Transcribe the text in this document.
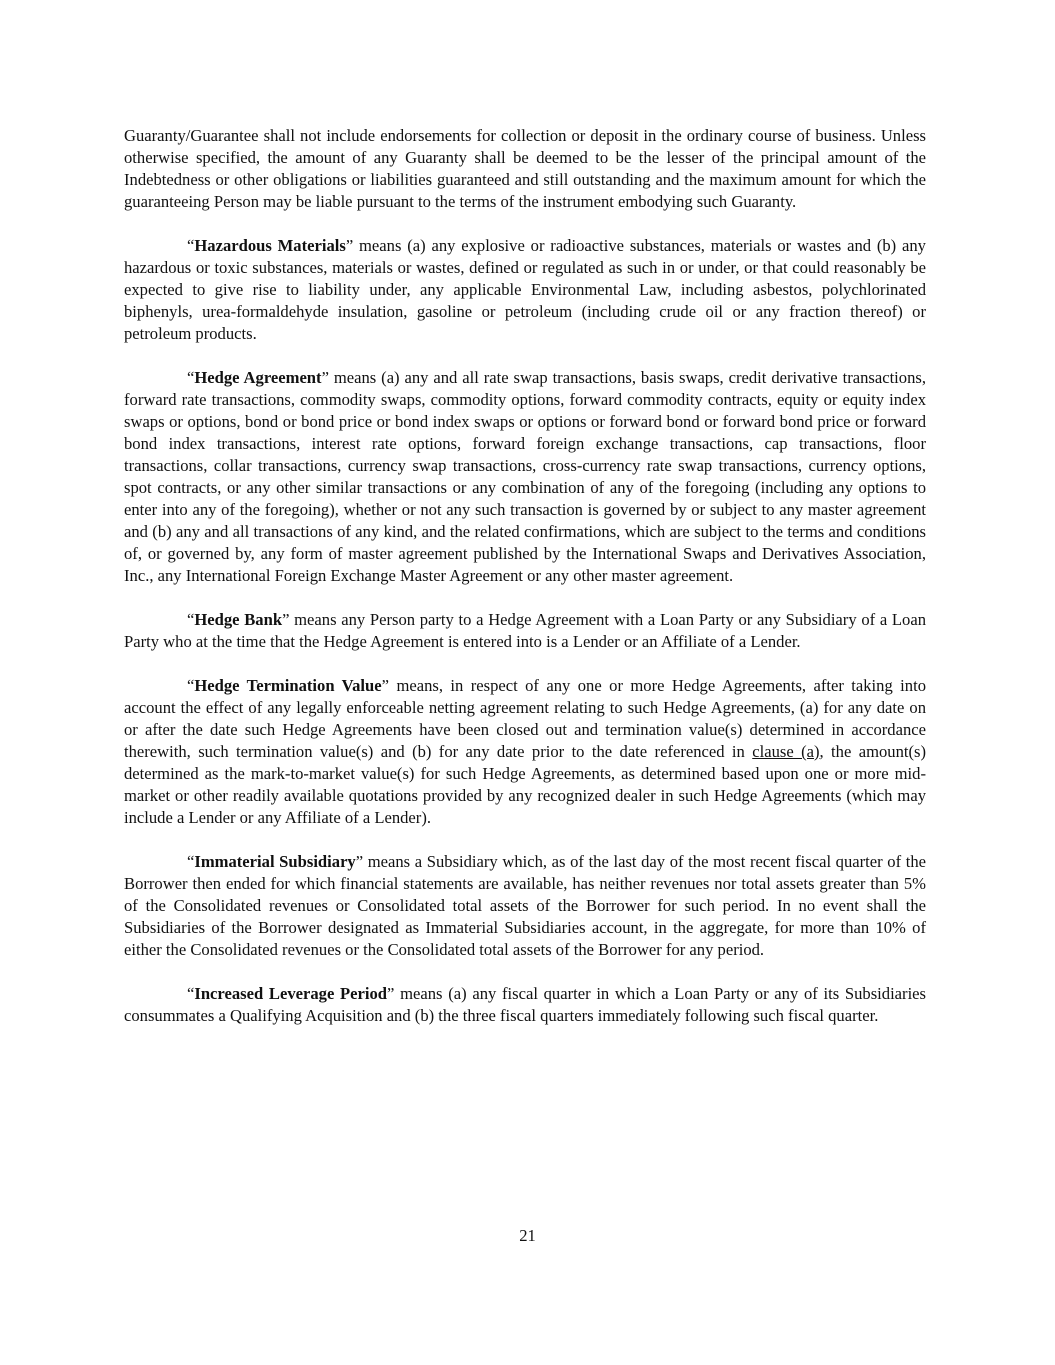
Guaranty/Guarantee shall not include endorsements for collection or deposit in the ordinary course of business. Unless otherwise specified, the amount of any Guaranty shall be deemed to be the lesser of the principal amount of the Indebtedness or other obligations or liabilities guaranteed and still outstanding and the maximum amount for which the guaranteeing Person may be liable pursuant to the terms of the instrument embodying such Guaranty.

“Hazardous Materials” means (a) any explosive or radioactive substances, materials or wastes and (b) any hazardous or toxic substances, materials or wastes, defined or regulated as such in or under, or that could reasonably be expected to give rise to liability under, any applicable Environmental Law, including asbestos, polychlorinated biphenyls, urea-formaldehyde insulation, gasoline or petroleum (including crude oil or any fraction thereof) or petroleum products.

“Hedge Agreement” means (a) any and all rate swap transactions, basis swaps, credit derivative transactions, forward rate transactions, commodity swaps, commodity options, forward commodity contracts, equity or equity index swaps or options, bond or bond price or bond index swaps or options or forward bond or forward bond price or forward bond index transactions, interest rate options, forward foreign exchange transactions, cap transactions, floor transactions, collar transactions, currency swap transactions, cross-currency rate swap transactions, currency options, spot contracts, or any other similar transactions or any combination of any of the foregoing (including any options to enter into any of the foregoing), whether or not any such transaction is governed by or subject to any master agreement and (b) any and all transactions of any kind, and the related confirmations, which are subject to the terms and conditions of, or governed by, any form of master agreement published by the International Swaps and Derivatives Association, Inc., any International Foreign Exchange Master Agreement or any other master agreement.

“Hedge Bank” means any Person party to a Hedge Agreement with a Loan Party or any Subsidiary of a Loan Party who at the time that the Hedge Agreement is entered into is a Lender or an Affiliate of a Lender.

“Hedge Termination Value” means, in respect of any one or more Hedge Agreements, after taking into account the effect of any legally enforceable netting agreement relating to such Hedge Agreements, (a) for any date on or after the date such Hedge Agreements have been closed out and termination value(s) determined in accordance therewith, such termination value(s) and (b) for any date prior to the date referenced in clause (a), the amount(s) determined as the mark-to-market value(s) for such Hedge Agreements, as determined based upon one or more mid-market or other readily available quotations provided by any recognized dealer in such Hedge Agreements (which may include a Lender or any Affiliate of a Lender).

“Immaterial Subsidiary” means a Subsidiary which, as of the last day of the most recent fiscal quarter of the Borrower then ended for which financial statements are available, has neither revenues nor total assets greater than 5% of the Consolidated revenues or Consolidated total assets of the Borrower for such period. In no event shall the Subsidiaries of the Borrower designated as Immaterial Subsidiaries account, in the aggregate, for more than 10% of either the Consolidated revenues or the Consolidated total assets of the Borrower for any period.

“Increased Leverage Period” means (a) any fiscal quarter in which a Loan Party or any of its Subsidiaries consummates a Qualifying Acquisition and (b) the three fiscal quarters immediately following such fiscal quarter.

21
